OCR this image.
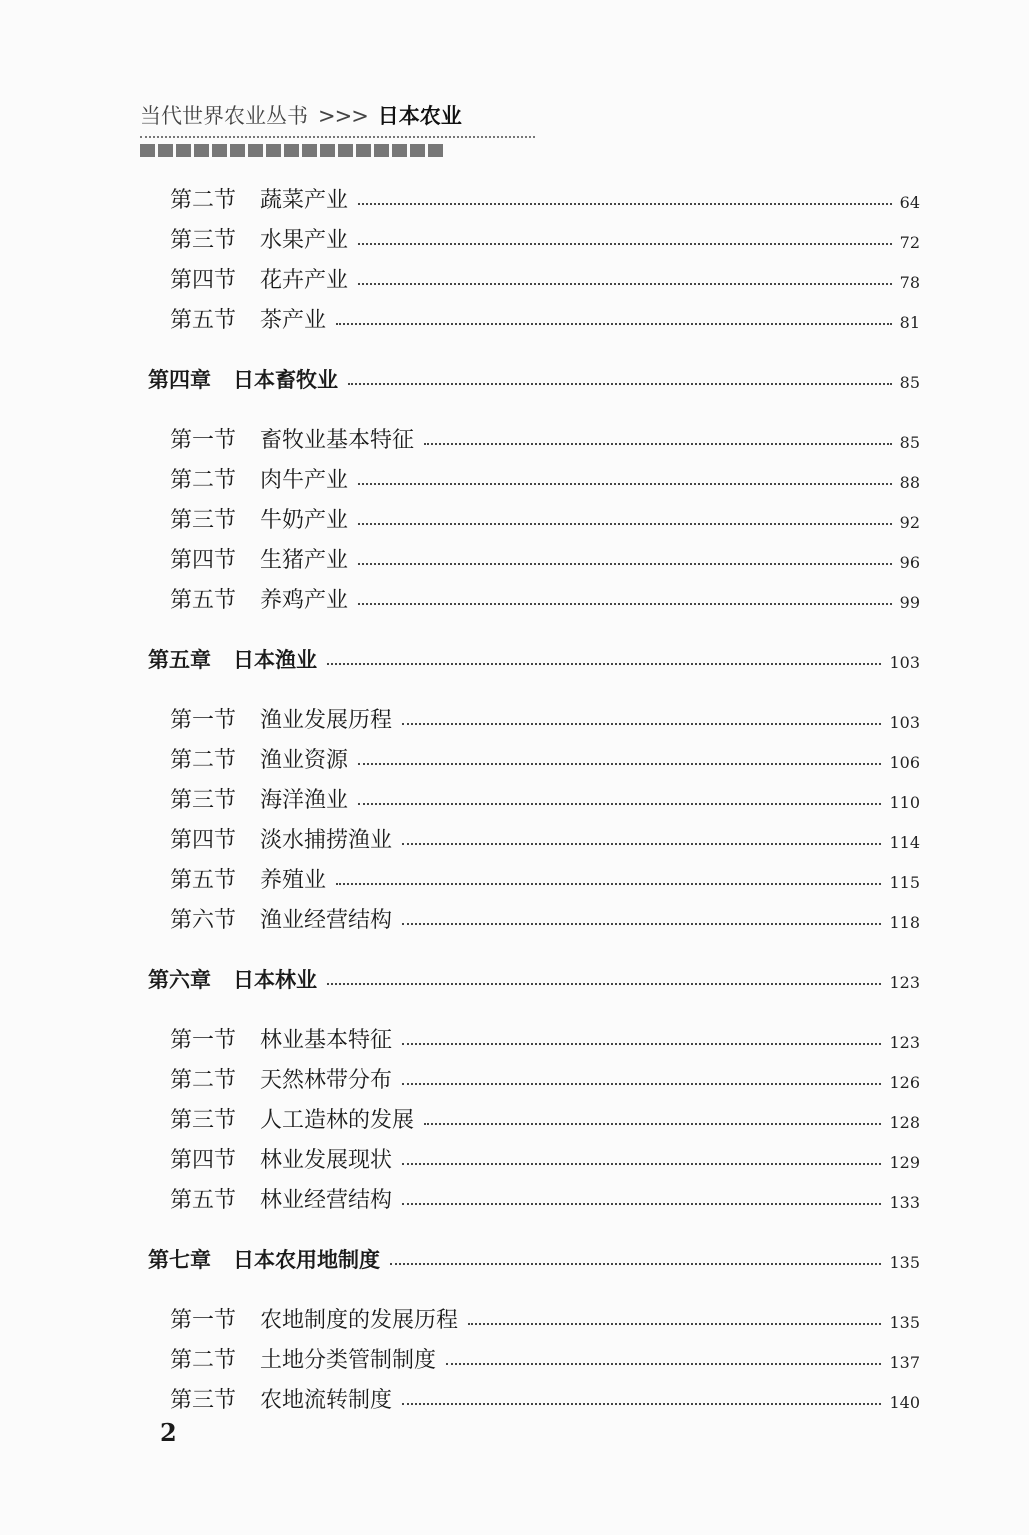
当代世界农业丛书 >>> 日本农业
第二节 蔬菜产业	64
第三节 水果产业	72
第四节 花卉产业	78
第五节 茶产业	81
第四章 日本畜牧业	85
第一节 畜牧业基本特征	85
第二节 肉牛产业	88
第三节 牛奶产业	92
第四节 生猪产业	96
第五节 养鸡产业	99
第五章 日本渔业	103
第一节 渔业发展历程	103
第二节 渔业资源	106
第三节 海洋渔业	110
第四节 淡水捕捞渔业	114
第五节 养殖业	115
第六节 渔业经营结构	118
第六章 日本林业	123
第一节 林业基本特征	123
第二节 天然林带分布	126
第三节 人工造林的发展	128
第四节 林业发展现状	129
第五节 林业经营结构	133
第七章 日本农用地制度	135
第一节 农地制度的发展历程	135
第二节 土地分类管制制度	137
第三节 农地流转制度	140
2
